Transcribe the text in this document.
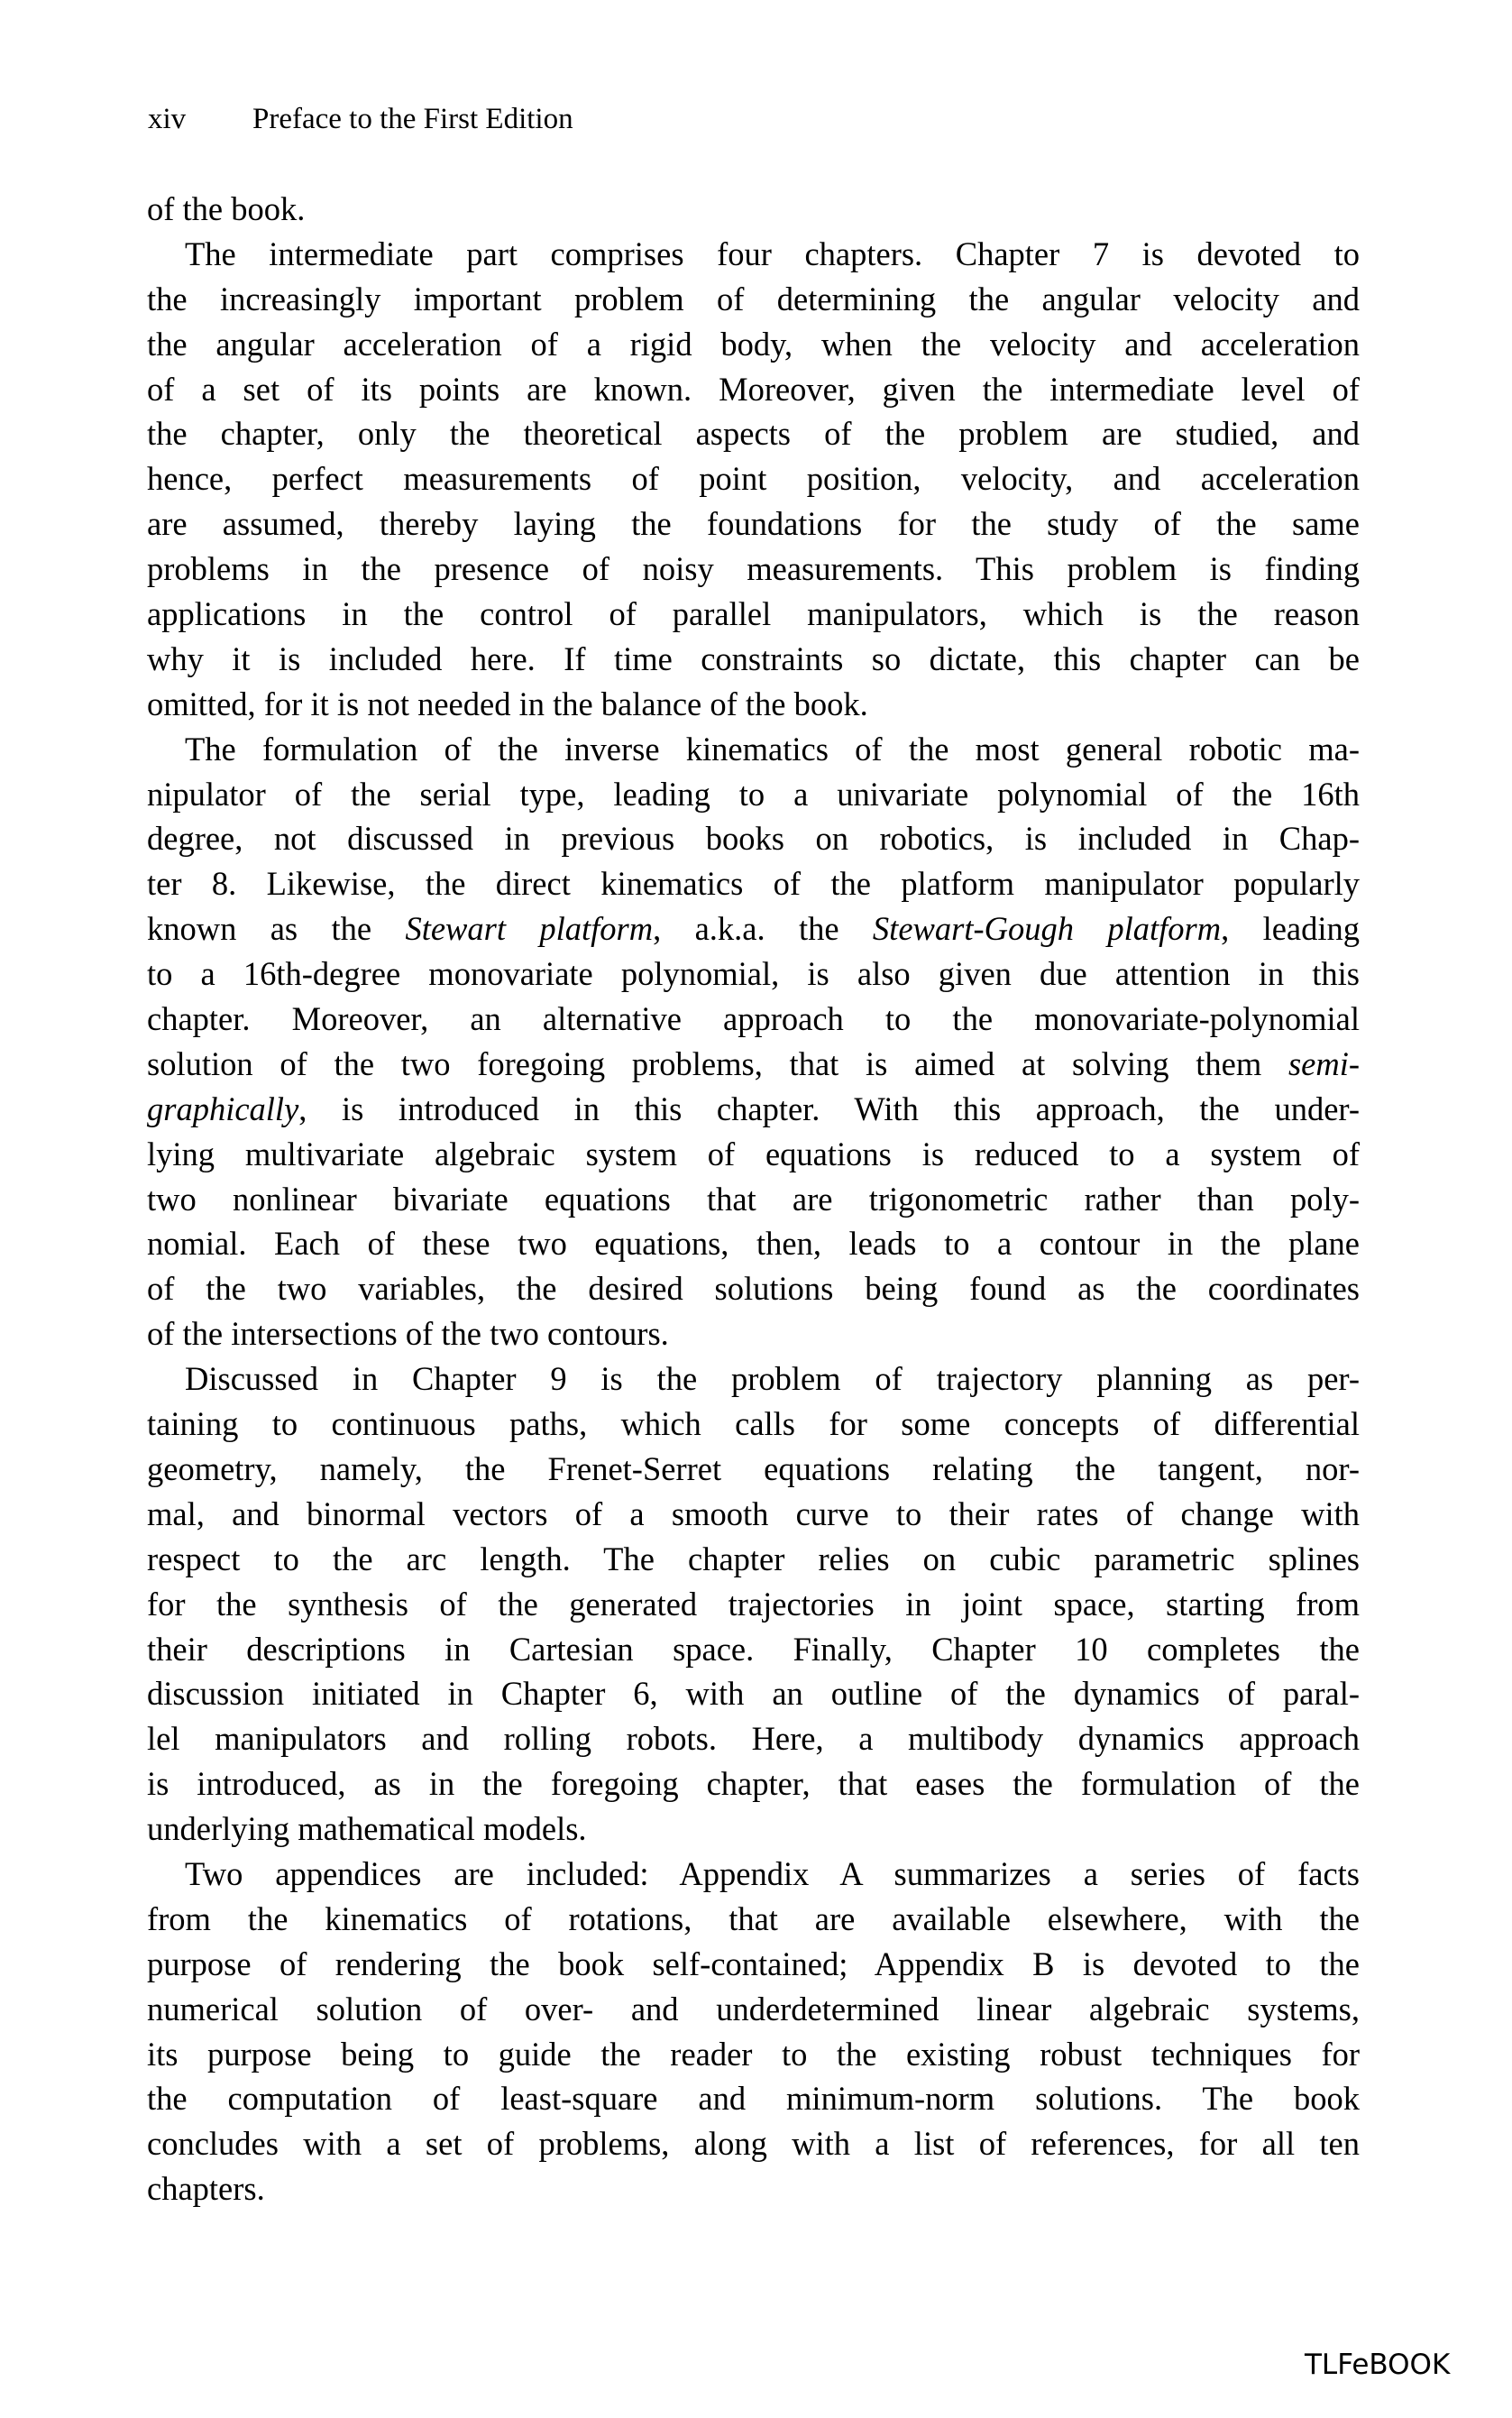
xiv Preface to the First Edition
of the book.
The intermediate part comprises four chapters. Chapter 7 is devoted to
the increasingly important problem of determining the angular velocity and
the angular acceleration of a rigid body, when the velocity and acceleration
of a set of its points are known. Moreover, given the intermediate level of
the chapter, only the theoretical aspects of the problem are studied, and
hence, perfect measurements of point position, velocity, and acceleration
are assumed, thereby laying the foundations for the study of the same
problems in the presence of noisy measurements. This problem is finding
applications in the control of parallel manipulators, which is the reason
why it is included here. If time constraints so dictate, this chapter can be
omitted, for it is not needed in the balance of the book.
The formulation of the inverse kinematics of the most general robotic ma-
nipulator of the serial type, leading to a univariate polynomial of the 16th
degree, not discussed in previous books on robotics, is included in Chap-
ter 8. Likewise, the direct kinematics of the platform manipulator popularly
known as the Stewart platform, a.k.a. the Stewart-Gough platform, leading
to a 16th-degree monovariate polynomial, is also given due attention in this
chapter. Moreover, an alternative approach to the monovariate-polynomial
solution of the two foregoing problems, that is aimed at solving them semi-
graphically, is introduced in this chapter. With this approach, the under-
lying multivariate algebraic system of equations is reduced to a system of
two nonlinear bivariate equations that are trigonometric rather than poly-
nomial. Each of these two equations, then, leads to a contour in the plane
of the two variables, the desired solutions being found as the coordinates
of the intersections of the two contours.
Discussed in Chapter 9 is the problem of trajectory planning as per-
taining to continuous paths, which calls for some concepts of differential
geometry, namely, the Frenet-Serret equations relating the tangent, nor-
mal, and binormal vectors of a smooth curve to their rates of change with
respect to the arc length. The chapter relies on cubic parametric splines
for the synthesis of the generated trajectories in joint space, starting from
their descriptions in Cartesian space. Finally, Chapter 10 completes the
discussion initiated in Chapter 6, with an outline of the dynamics of paral-
lel manipulators and rolling robots. Here, a multibody dynamics approach
is introduced, as in the foregoing chapter, that eases the formulation of the
underlying mathematical models.
Two appendices are included: Appendix A summarizes a series of facts
from the kinematics of rotations, that are available elsewhere, with the
purpose of rendering the book self-contained; Appendix B is devoted to the
numerical solution of over- and underdetermined linear algebraic systems,
its purpose being to guide the reader to the existing robust techniques for
the computation of least-square and minimum-norm solutions. The book
concludes with a set of problems, along with a list of references, for all ten
chapters.
TLFeBOOK
